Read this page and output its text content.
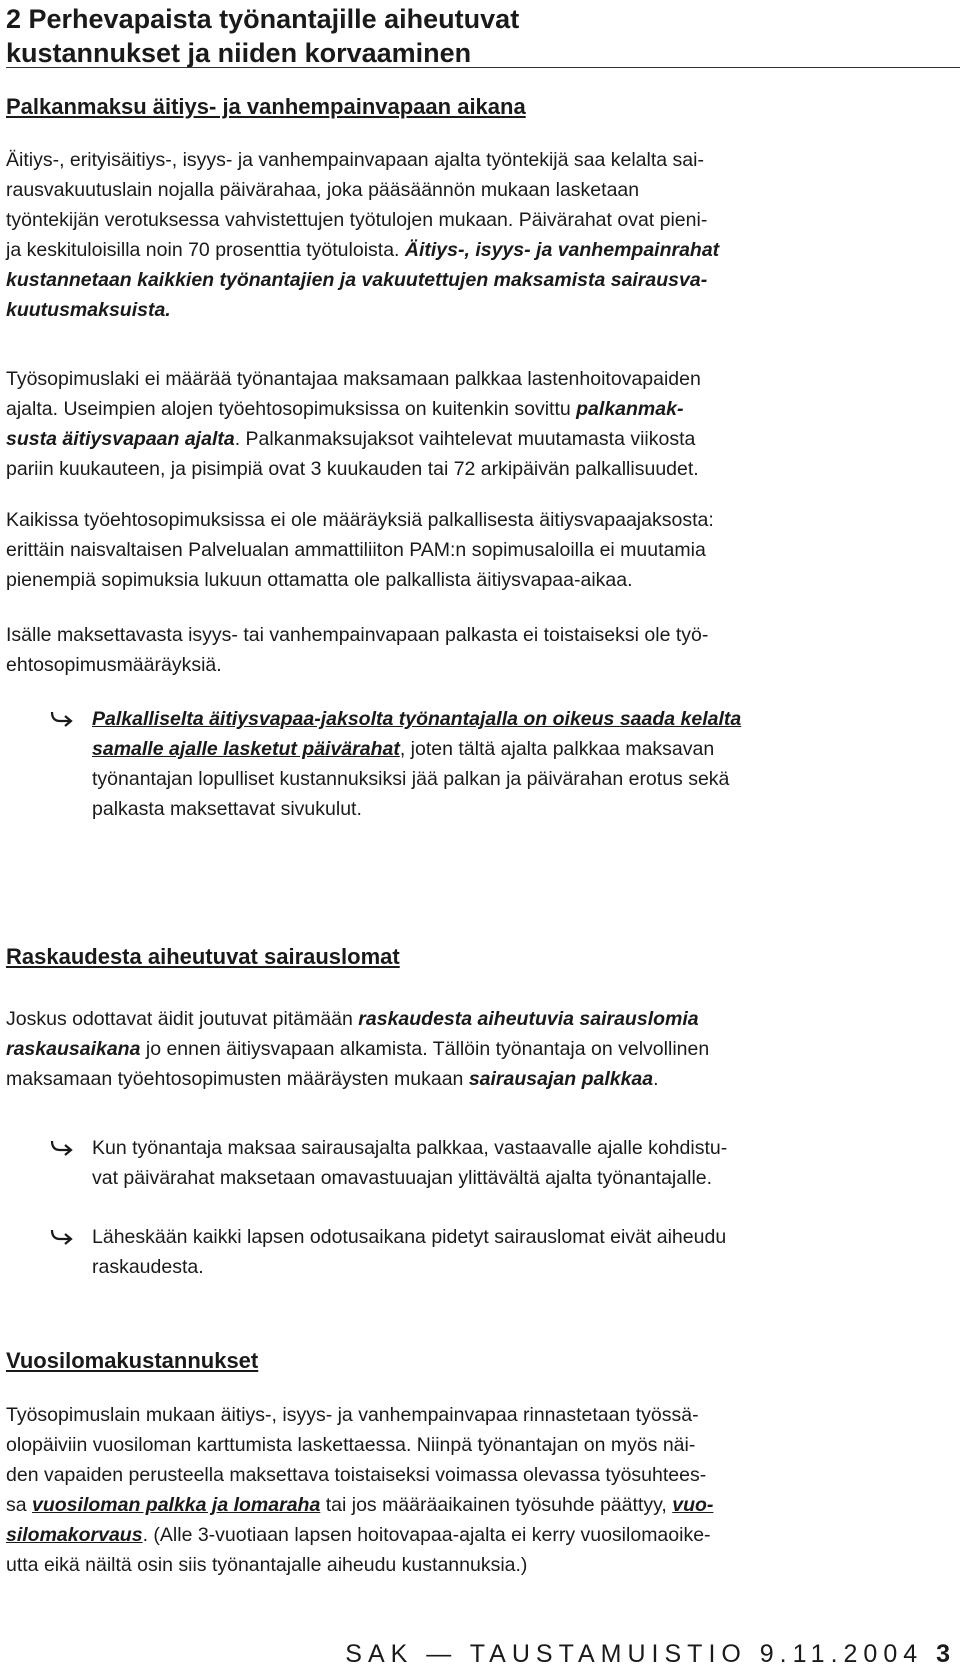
2 Perhevapaista työnantajille aiheutuvat
kustannukset ja niiden korvaaminen
Palkanmaksu äitiys- ja vanhempainvapaan aikana

Äitiys-, erityisäitiys-, isyys- ja vanhempainvapaan ajalta työntekijä saa kelalta sai-
rausvakuutuslain nojalla päivärahaa, joka pääsäännön mukaan lasketaan
työntekijän verotuksessa vahvistettujen työtulojen mukaan. Päivärahat ovat pieni-
ja keskituloisilla noin 70 prosenttia työtuloista. Äitiys-, isyys- ja vanhempainrahat
kustannetaan kaikkien työnantajien ja vakuutettujen maksamista sairausva-
kuutusmaksuista.

Työsopimuslaki ei määrää työnantajaa maksamaan palkkaa lastenhoitovapaiden
ajalta. Useimpien alojen työehtosopimuksissa on kuitenkin sovittu palkanmak-
susta äitiysvapaan ajalta. Palkanmaksujaksot vaihtelevat muutamasta viikosta
pariin kuukauteen, ja pisimpiä ovat 3 kuukauden tai 72 arkipäivän palkallisuudet.

Kaikissa työehtosopimuksissa ei ole määräyksiä palkallisesta äitiysvapaajaksosta:
erittäin naisvaltaisen Palvelualan ammattiliiton PAM:n sopimusaloilla ei muutamia
pienempiä sopimuksia lukuun ottamatta ole palkallista äitiysvapaa-aikaa.

Isälle maksettavasta isyys- tai vanhempainvapaan palkasta ei toistaiseksi ole työ-
ehtosopimusmääräyksiä.

Palkalliselta äitiysvapaa-jaksolta työnantajalla on oikeus saada kelalta
samalle ajalle lasketut päivärahat, joten tältä ajalta palkkaa maksavan
työnantajan lopulliset kustannuksiksi jää palkan ja päivärahan erotus sekä
palkasta maksettavat sivukulut.
Raskaudesta aiheutuvat sairauslomat

Joskus odottavat äidit joutuvat pitämään raskaudesta aiheutuvia sairauslomia
raskausaikana jo ennen äitiysvapaan alkamista. Tällöin työnantaja on velvollinen
maksamaan työehtosopimusten määräysten mukaan sairausajan palkkaa.

Kun työnantaja maksaa sairausajalta palkkaa, vastaavalle ajalle kohdistu-
vat päivärahat maksetaan omavastuuajan ylittävältä ajalta työnantajalle.
Läheskään kaikki lapsen odotusaikana pidetyt sairauslomat eivät aiheudu
raskaudesta.
Vuosilomakustannukset

Työsopimuslain mukaan äitiys-, isyys- ja vanhempainvapaa rinnastetaan työssä-
olopäiviin vuosiloman karttumista laskettaessa. Niinpä työnantajan on myös näi-
den vapaiden perusteella maksettava toistaiseksi voimassa olevassa työsuhtees-
sa vuosiloman palkka ja lomaraha tai jos määräaikainen työsuhde päättyy, vuo-
silomakorvaus. (Alle 3-vuotiaan lapsen hoitovapaa-ajalta ei kerry vuosilomaoike-
utta eikä näiltä osin siis työnantajalle aiheudu kustannuksia.)

SAK — TAUSTAMUISTIO 9.11.2004 3
